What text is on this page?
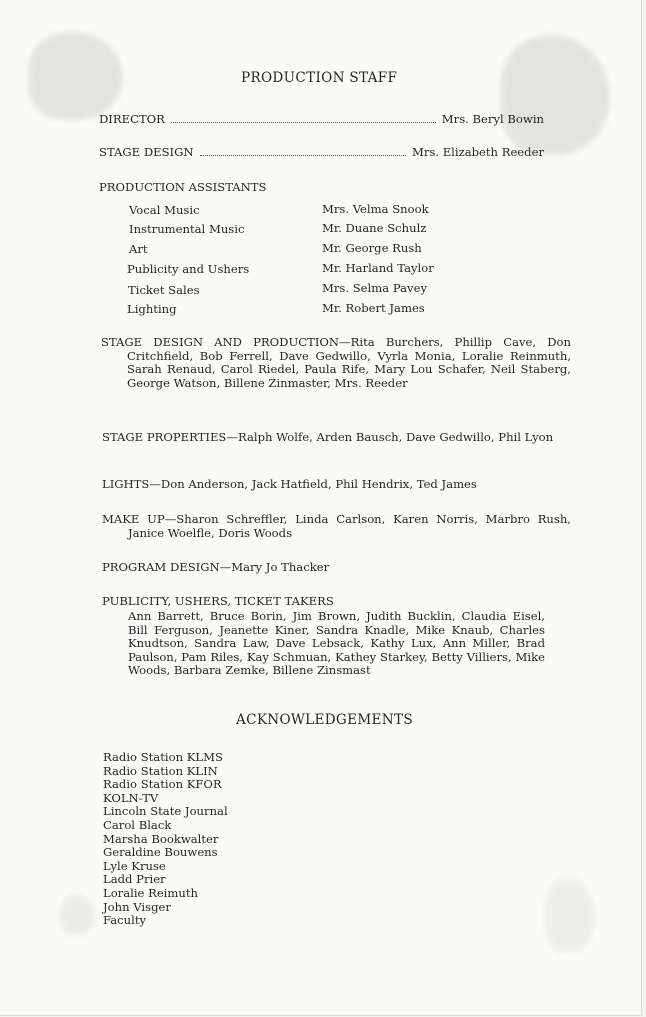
PRODUCTION STAFF
DIRECTOR	Mrs. Beryl Bowin
STAGE DESIGN	Mrs. Elizabeth Reeder
PRODUCTION ASSISTANTS
Vocal Music	Mrs. Velma Snook
Instrumental Music	Mr. Duane Schulz
Art	Mr. George Rush
Publicity and Ushers	Mr. Harland Taylor
Ticket Sales	Mrs. Selma Pavey
Lighting	Mr. Robert James
STAGE DESIGN AND PRODUCTION—Rita Burchers, Phillip Cave, Don Critchfield, Bob Ferrell, Dave Gedwillo, Vyrla Monia, Loralie Reinmuth, Sarah Renaud, Carol Riedel, Paula Rife, Mary Lou Schafer, Neil Staberg, George Watson, Billene Zinmaster, Mrs. Reeder
STAGE PROPERTIES—Ralph Wolfe, Arden Bausch, Dave Gedwillo, Phil Lyon
LIGHTS—Don Anderson, Jack Hatfield, Phil Hendrix, Ted James
MAKE UP—Sharon Schreffler, Linda Carlson, Karen Norris, Marbro Rush, Janice Woelfle, Doris Woods
PROGRAM DESIGN—Mary Jo Thacker
PUBLICITY, USHERS, TICKET TAKERS
Ann Barrett, Bruce Borin, Jim Brown, Judith Bucklin, Claudia Eisel, Bill Ferguson, Jeanette Kiner, Sandra Knadle, Mike Knaub, Charles Knudtson, Sandra Law, Dave Lebsack, Kathy Lux, Ann Miller, Brad Paulson, Pam Riles, Kay Schmuan, Kathey Starkey, Betty Villiers, Mike Woods, Barbara Zemke, Billene Zinsmast
ACKNOWLEDGEMENTS
Radio Station KLMS
Radio Station KLIN
Radio Station KFOR
KOLN-TV
Lincoln State Journal
Carol Black
Marsha Bookwalter
Geraldine Bouwens
Lyle Kruse
Ladd Prier
Loralie Reimuth
John Visger
Faculty
